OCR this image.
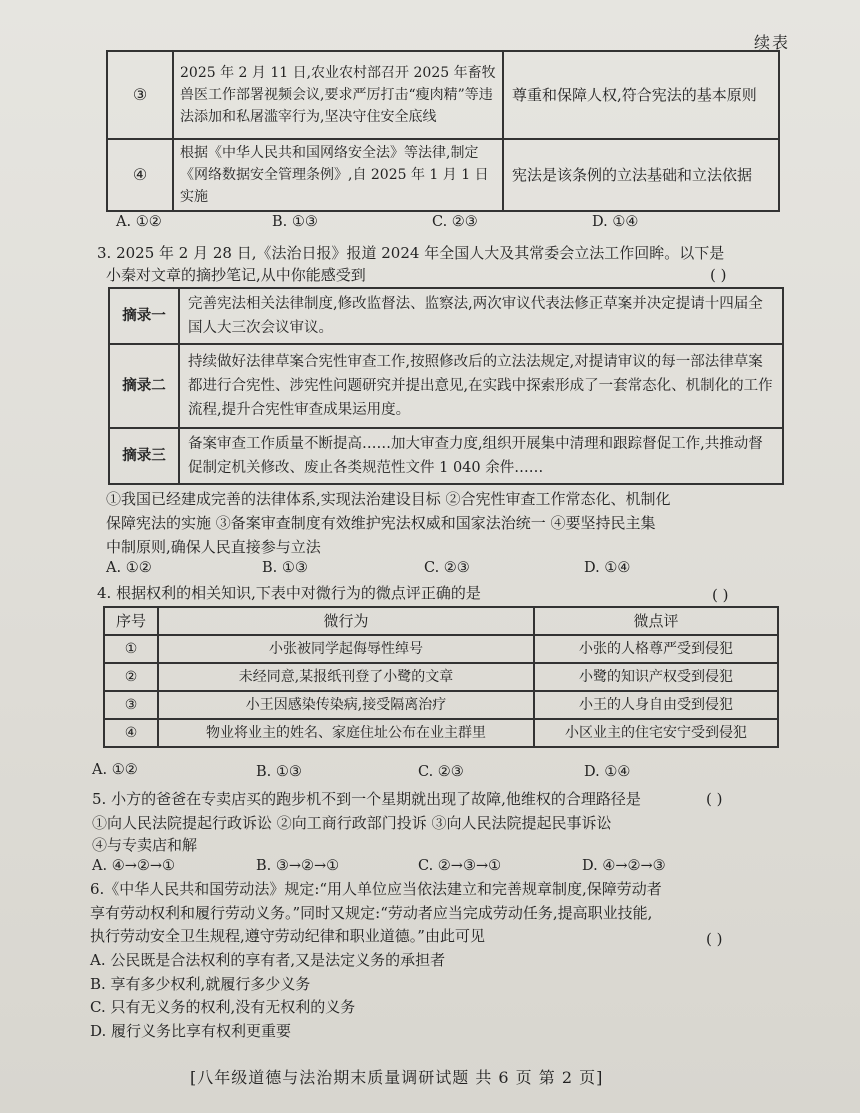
续表
③	2025 年 2 月 11 日,农业农村部召开 2025 年畜牧兽医工作部署视频会议,要求严厉打击“瘦肉精”等违法添加和私屠滥宰行为,坚决守住安全底线	尊重和保障人权,符合宪法的基本原则
④	根据《中华人民共和国网络安全法》等法律,制定《网络数据安全管理条例》,自 2025 年 1 月 1 日实施	宪法是该条例的立法基础和立法依据
A. ①②	B. ①③	C. ②③	D. ①④
3. 2025 年 2 月 28 日,《法治日报》报道 2024 年全国人大及其常委会立法工作回眸。以下是
小秦对文章的摘抄笔记,从中你能感受到	( )
摘录一	完善宪法相关法律制度,修改监督法、监察法,两次审议代表法修正草案并决定提请十四届全国人大三次会议审议。
摘录二	持续做好法律草案合宪性审查工作,按照修改后的立法法规定,对提请审议的每一部法律草案都进行合宪性、涉宪性问题研究并提出意见,在实践中探索形成了一套常态化、机制化的工作流程,提升合宪性审查成果运用度。
摘录三	备案审查工作质量不断提高……加大审查力度,组织开展集中清理和跟踪督促工作,共推动督促制定机关修改、废止各类规范性文件 1 040 余件……
①我国已经建成完善的法律体系,实现法治建设目标 ②合宪性审查工作常态化、机制化
保障宪法的实施 ③备案审查制度有效维护宪法权威和国家法治统一 ④要坚持民主集
中制原则,确保人民直接参与立法
A. ①②	B. ①③	C. ②③	D. ①④
4. 根据权利的相关知识,下表中对微行为的微点评正确的是	( )
序号	微行为	微点评
①	小张被同学起侮辱性绰号	小张的人格尊严受到侵犯
②	未经同意,某报纸刊登了小鹭的文章	小鹭的知识产权受到侵犯
③	小王因感染传染病,接受隔离治疗	小王的人身自由受到侵犯
④	物业将业主的姓名、家庭住址公布在业主群里	小区业主的住宅安宁受到侵犯
A. ①②	B. ①③	C. ②③	D. ①④
5. 小方的爸爸在专卖店买的跑步机不到一个星期就出现了故障,他维权的合理路径是	( )
①向人民法院提起行政诉讼 ②向工商行政部门投诉 ③向人民法院提起民事诉讼
④与专卖店和解
A. ④→②→①	B. ③→②→①	C. ②→③→①	D. ④→②→③
6.《中华人民共和国劳动法》规定:“用人单位应当依法建立和完善规章制度,保障劳动者
享有劳动权利和履行劳动义务。”同时又规定:“劳动者应当完成劳动任务,提高职业技能,
执行劳动安全卫生规程,遵守劳动纪律和职业道德。”由此可见	( )
A. 公民既是合法权利的享有者,又是法定义务的承担者
B. 享有多少权利,就履行多少义务
C. 只有无义务的权利,没有无权利的义务
D. 履行义务比享有权利更重要
[八年级道德与法治期末质量调研试题 共 6 页 第 2 页]
